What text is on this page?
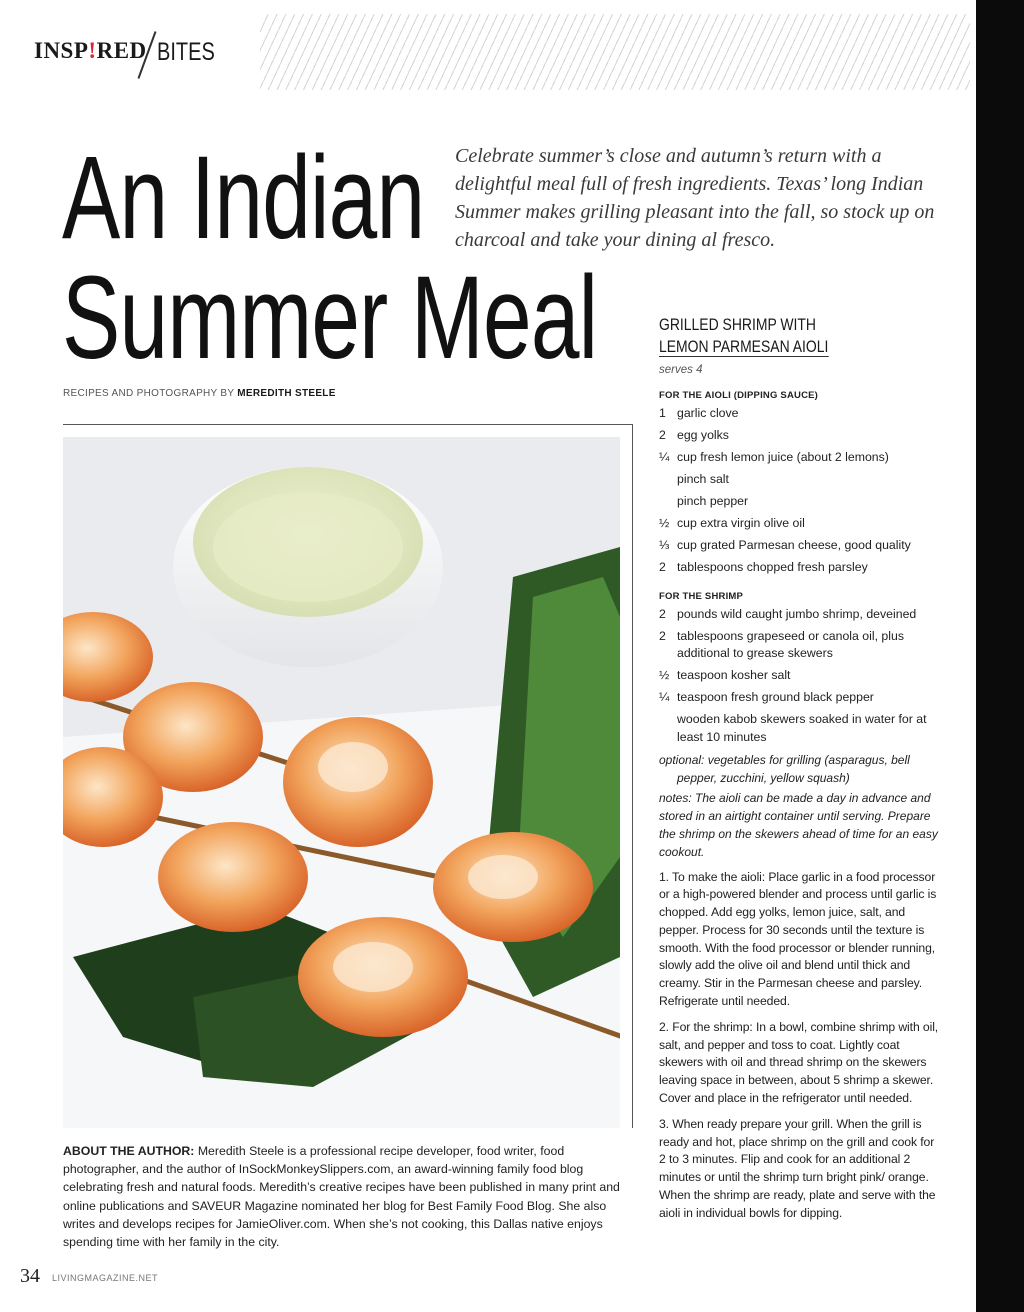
INSP!RED BITES
An Indian
Summer Meal
Celebrate summer’s close and autumn’s return with a delightful meal full of fresh ingredients. Texas’ long Indian Summer makes grilling pleasant into the fall, so stock up on charcoal and take your dining al fresco.
RECIPES AND PHOTOGRAPHY BY MEREDITH STEELE
ABOUT THE AUTHOR: Meredith Steele is a professional recipe developer, food writer, food photographer, and the author of InSockMonkeySlippers.com, an award-winning family food blog celebrating fresh and natural foods. Meredith’s creative recipes have been published in many print and online publications and SAVEUR Magazine nominated her blog for Best Family Food Blog. She also writes and develops recipes for JamieOliver.com. When she’s not cooking, this Dallas native enjoys spending time with her family in the city.
34 LIVINGMAGAZINE.NET
GRILLED SHRIMP WITH
LEMON PARMESAN AIOLI
serves 4
FOR THE AIOLI (DIPPING SAUCE)
1 garlic clove
2 egg yolks
¼ cup fresh lemon juice (about 2 lemons)
pinch salt
pinch pepper
½ cup extra virgin olive oil
⅓ cup grated Parmesan cheese, good quality
2 tablespoons chopped fresh parsley
FOR THE SHRIMP
2 pounds wild caught jumbo shrimp, deveined
2 tablespoons grapeseed or canola oil, plus additional to grease skewers
½ teaspoon kosher salt
¼ teaspoon fresh ground black pepper
wooden kabob skewers soaked in water for at least 10 minutes
optional: vegetables for grilling (asparagus, bell pepper, zucchini, yellow squash)
notes: The aioli can be made a day in advance and stored in an airtight container until serving. Prepare the shrimp on the skewers ahead of time for an easy cookout.
1. To make the aioli: Place garlic in a food processor or a high-powered blender and process until garlic is chopped. Add egg yolks, lemon juice, salt, and pepper. Process for 30 seconds until the texture is smooth. With the food processor or blender running, slowly add the olive oil and blend until thick and creamy. Stir in the Parmesan cheese and parsley. Refrigerate until needed.
2. For the shrimp: In a bowl, combine shrimp with oil, salt, and pepper and toss to coat. Lightly coat skewers with oil and thread shrimp on the skewers leaving space in between, about 5 shrimp a skewer. Cover and place in the refrigerator until needed.
3. When ready prepare your grill. When the grill is ready and hot, place shrimp on the grill and cook for 2 to 3 minutes. Flip and cook for an additional 2 minutes or until the shrimp turn bright pink/ orange. When the shrimp are ready, plate and serve with the aioli in individual bowls for dipping.
